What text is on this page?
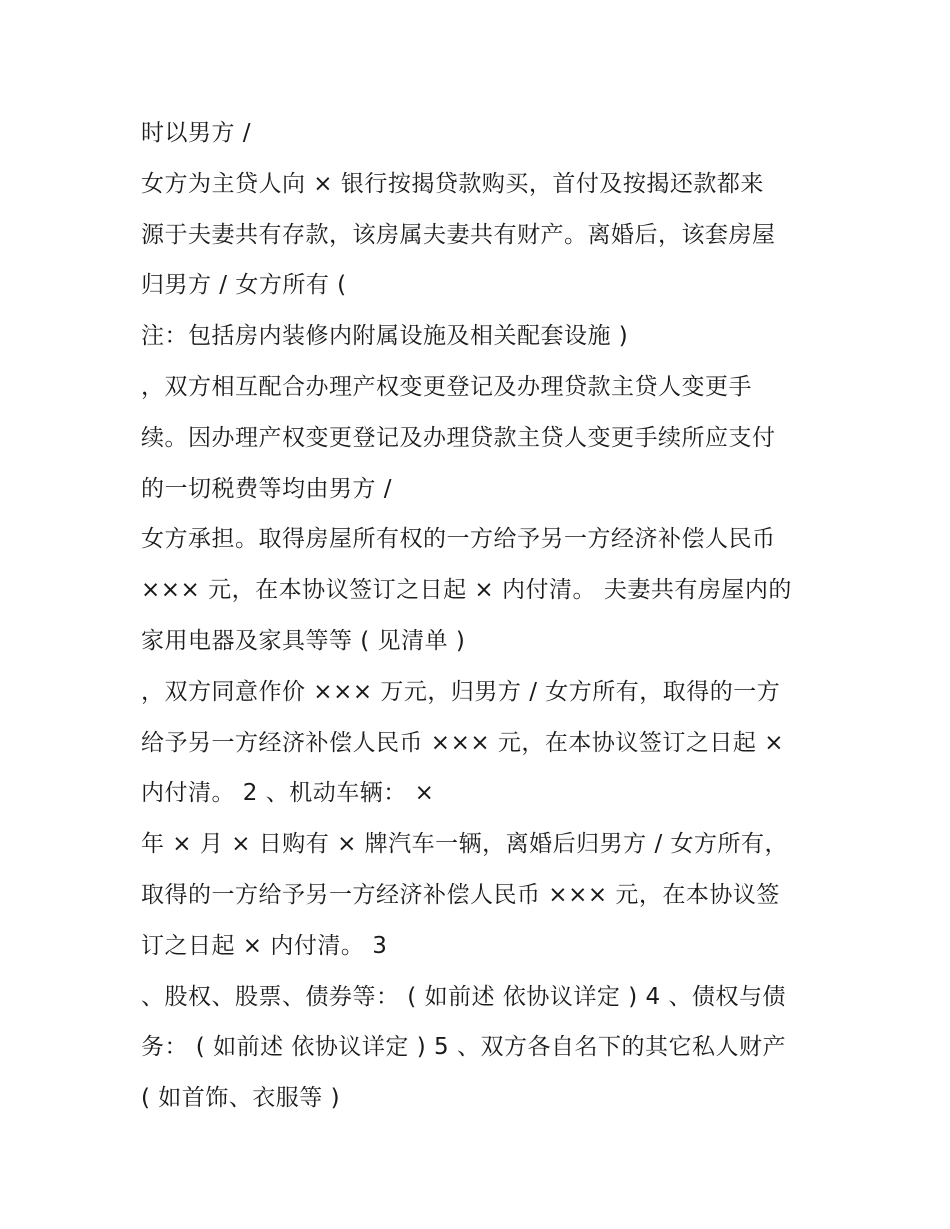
时以男方 /
女方为主贷人向 × 银行按揭贷款购买，首付及按揭还款都来
源于夫妻共有存款，该房属夫妻共有财产。离婚后，该套房屋
归男方 / 女方所有 (
注：包括房内装修内附属设施及相关配套设施 )
，双方相互配合办理产权变更登记及办理贷款主贷人变更手
续。因办理产权变更登记及办理贷款主贷人变更手续所应支付
的一切税费等均由男方 /
女方承担。取得房屋所有权的一方给予另一方经济补偿人民币
××× 元，在本协议签订之日起 × 内付清。 夫妻共有房屋内的
家用电器及家具等等 ( 见清单 )
，双方同意作价 ××× 万元，归男方 / 女方所有，取得的一方
给予另一方经济补偿人民币 ××× 元，在本协议签订之日起 ×
内付清。 2 、机动车辆： ×
年 × 月 × 日购有 × 牌汽车一辆，离婚后归男方 / 女方所有，
取得的一方给予另一方经济补偿人民币 ××× 元，在本协议签
订之日起 × 内付清。 3
、股权、股票、债券等： ( 如前述 依协议详定 ) 4 、债权与债
务： ( 如前述 依协议详定 ) 5 、双方各自名下的其它私人财产
( 如首饰、衣服等 )
